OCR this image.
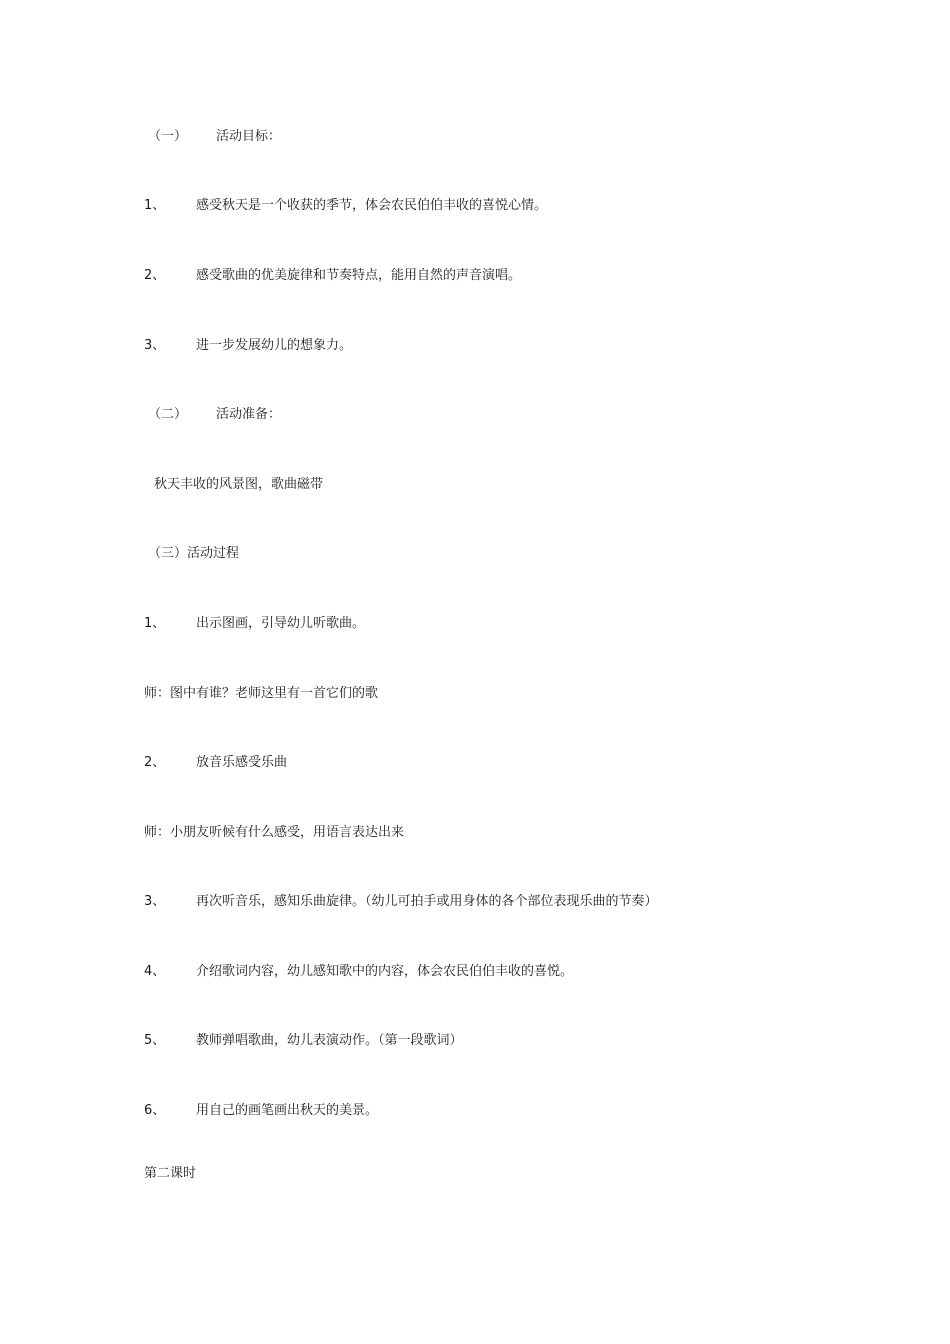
（一） 活动目标：
1、 感受秋天是一个收获的季节，体会农民伯伯丰收的喜悦心情。
2、 感受歌曲的优美旋律和节奏特点，能用自然的声音演唱。
3、 进一步发展幼儿的想象力。
（二） 活动准备：
秋天丰收的风景图，歌曲磁带
（三）活动过程
1、 出示图画，引导幼儿听歌曲。
师：图中有谁？老师这里有一首它们的歌
2、 放音乐感受乐曲
师：小朋友听候有什么感受，用语言表达出来
3、 再次听音乐，感知乐曲旋律。（幼儿可拍手或用身体的各个部位表现乐曲的节奏）
4、 介绍歌词内容，幼儿感知歌中的内容，体会农民伯伯丰收的喜悦。
5、 教师弹唱歌曲，幼儿表演动作。（第一段歌词）
6、 用自己的画笔画出秋天的美景。
第二课时
